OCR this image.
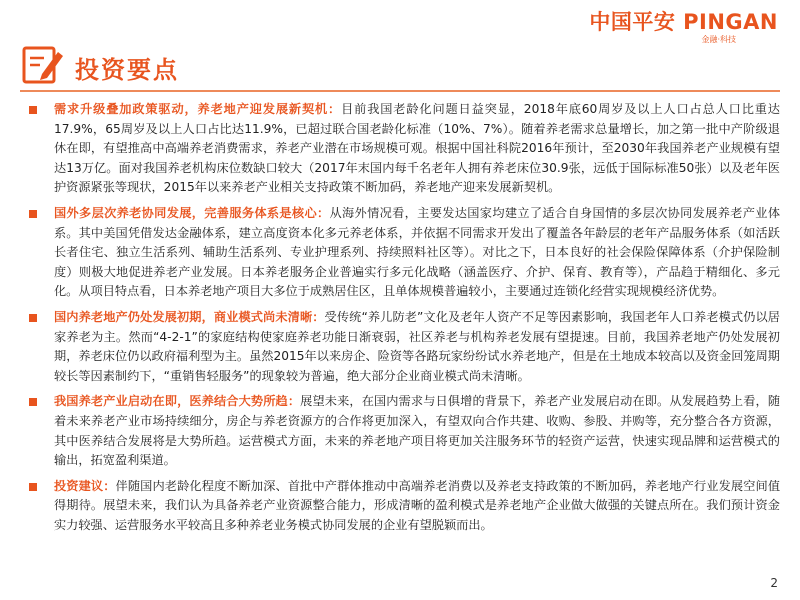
中国平安 PINGAN
金融·科技
投资要点
需求升级叠加政策驱动，养老地产迎发展新契机：目前我国老龄化问题日益突显，2018年底60周岁及以上人口占总人口比重达17.9%，65周岁及以上人口占比达11.9%，已超过联合国老龄化标准（10%、7%）。随着养老需求总量增长，加之第一批中产阶级退休在即，有望推高中高端养老消费需求，养老产业潜在市场规模可观。根据中国社科院2016年预计，至2030年我国养老产业规模有望达13万亿。面对我国养老机构床位数缺口较大（2017年末国内每千名老年人拥有养老床位30.9张，远低于国际标准50张）以及老年医护资源紧张等现状，2015年以来养老产业相关支持政策不断加码，养老地产迎来发展新契机。
国外多层次养老协同发展，完善服务体系是核心：从海外情况看，主要发达国家均建立了适合自身国情的多层次协同发展养老产业体系。其中美国凭借发达金融体系，建立高度资本化多元养老体系，并依据不同需求开发出了覆盖各年龄层的老年产品服务体系（如活跃长者住宅、独立生活系列、辅助生活系列、专业护理系列、持续照料社区等）。对比之下，日本良好的社会保险保障体系（介护保险制度）则极大地促进养老产业发展。日本养老服务企业普遍实行多元化战略（涵盖医疗、介护、保育、教育等），产品趋于精细化、多元化。从项目特点看，日本养老地产项目大多位于成熟居住区，且单体规模普遍较小，主要通过连锁化经营实现规模经济优势。
国内养老地产仍处发展初期，商业模式尚未清晰：受传统“养儿防老”文化及老年人资产不足等因素影响，我国老年人口养老模式仍以居家养老为主。然而“4-2-1”的家庭结构使家庭养老功能日渐衰弱，社区养老与机构养老发展有望提速。目前，我国养老地产仍处发展初期，养老床位仍以政府福利型为主。虽然2015年以来房企、险资等各路玩家纷纷试水养老地产，但是在土地成本较高以及资金回笼周期较长等因素制约下，“重销售轻服务”的现象较为普遍，绝大部分企业商业模式尚未清晰。
我国养老产业启动在即，医养结合大势所趋：展望未来，在国内需求与日俱增的背景下，养老产业发展启动在即。从发展趋势上看，随着未来养老产业市场持续细分，房企与养老资源方的合作将更加深入，有望双向合作共建、收购、参股、并购等，充分整合各方资源，其中医养结合发展将是大势所趋。运营模式方面，未来的养老地产项目将更加关注服务环节的轻资产运营，快速实现品牌和运营模式的输出，拓宽盈利渠道。
投资建议：伴随国内老龄化程度不断加深、首批中产群体推动中高端养老消费以及养老支持政策的不断加码，养老地产行业发展空间值得期待。展望未来，我们认为具备养老产业资源整合能力，形成清晰的盈利模式是养老地产企业做大做强的关键点所在。我们预计资金实力较强、运营服务水平较高且多种养老业务模式协同发展的企业有望脱颖而出。
2
